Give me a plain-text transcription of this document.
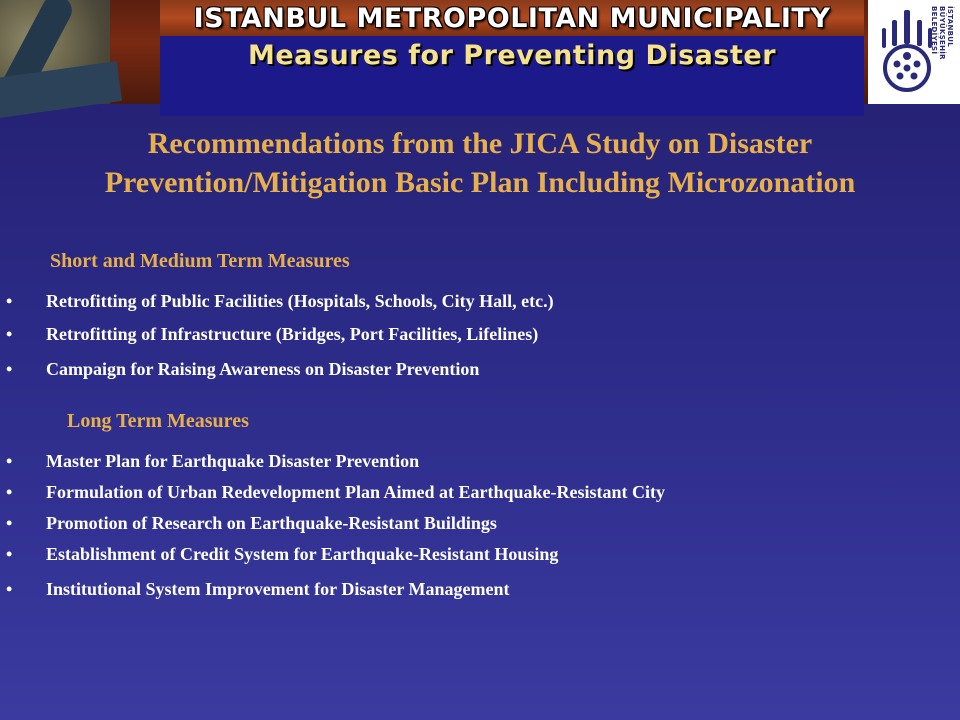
ISTANBUL METROPOLITAN MUNICIPALITY
Measures for Preventing Disaster
İSTANBUL BÜYÜKŞEHİR BELEDİYESİ
Recommendations from the JICA Study on Disaster
Prevention/Mitigation Basic Plan Including Microzonation
Short and Medium Term Measures
• Retrofitting of Public Facilities (Hospitals, Schools, City Hall, etc.)
• Retrofitting of Infrastructure (Bridges, Port Facilities, Lifelines)
• Campaign for Raising Awareness on Disaster Prevention
Long Term Measures
• Master Plan for Earthquake Disaster Prevention
• Formulation of Urban Redevelopment Plan Aimed at Earthquake-Resistant City
• Promotion of Research on Earthquake-Resistant Buildings
• Establishment of Credit System for Earthquake-Resistant Housing
• Institutional System Improvement for Disaster Management
